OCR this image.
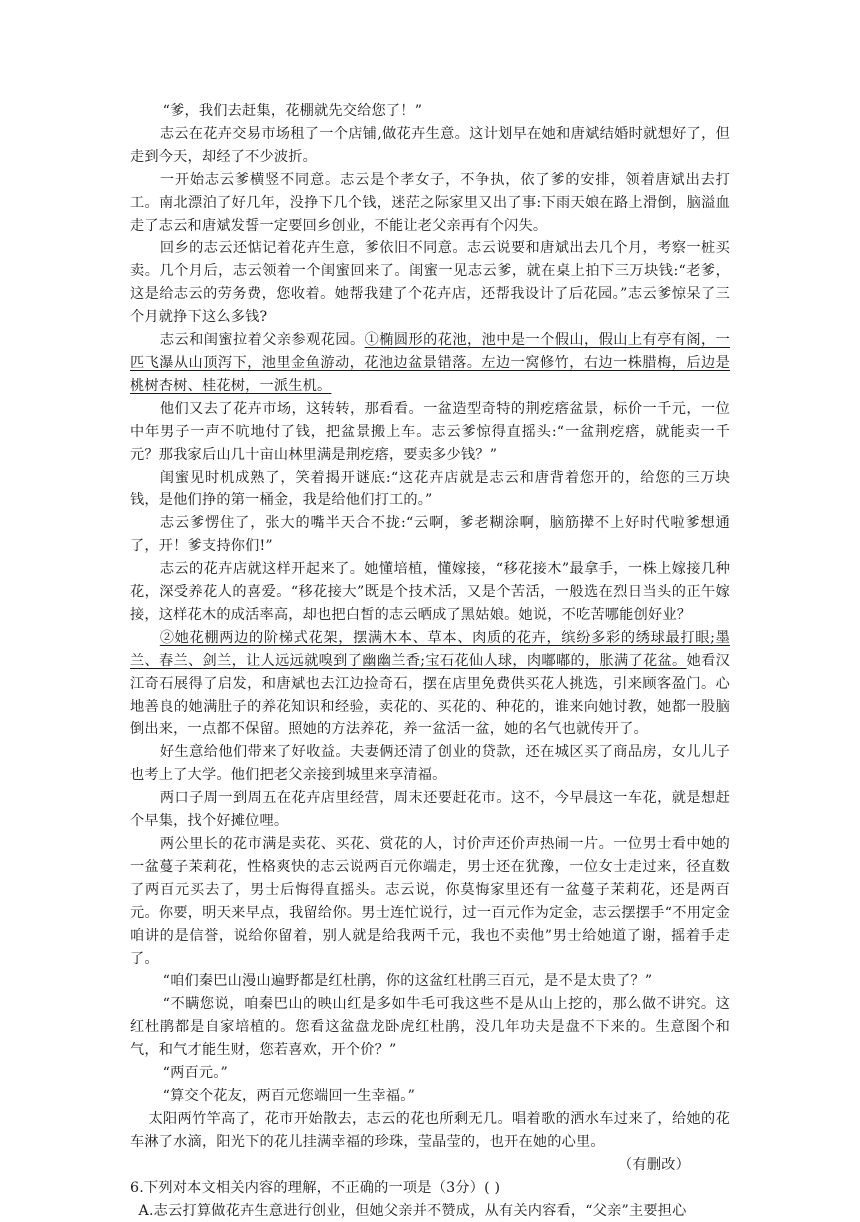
“爹，我们去赶集，花棚就先交给您了！”

志云在花卉交易市场租了一个店铺,做花卉生意。这计划早在她和唐斌结婚时就想好了，但走到今天，却经了不少波折。

一开始志云爹横竖不同意。志云是个孝女子，不争执，依了爹的安排，领着唐斌出去打工。南北漂泊了好几年，没挣下几个钱，迷茫之际家里又出了事:下雨天娘在路上滑倒，脑溢血走了志云和唐斌发誓一定要回乡创业，不能让老父亲再有个闪失。

回乡的志云还惦记着花卉生意，爹依旧不同意。志云说要和唐斌出去几个月，考察一桩买卖。几个月后，志云领着一个闺蜜回来了。闺蜜一见志云爹，就在桌上拍下三万块钱:“老爹，这是给志云的劳务费，您收着。她帮我建了个花卉店，还帮我设计了后花园。”志云爹惊呆了三个月就挣下这么多钱?

志云和闺蜜拉着父亲参观花园。①椭圆形的花池，池中是一个假山，假山上有亭有阁，一匹飞瀑从山顶泻下，池里金鱼游动，花池边盆景错落。左边一窝修竹，右边一株腊梅，后边是桃树杏树、桂花树，一派生机。

他们又去了花卉市场，这转转，那看看。一盆造型奇特的荆疙瘩盆景，标价一千元，一位中年男子一声不吭地付了钱，把盆景搬上车。志云爹惊得直摇头:“一盆荆疙瘩，就能卖一千元？那我家后山几十亩山林里满是荆疙瘩，要卖多少钱？”

闺蜜见时机成熟了，笑着揭开谜底:“这花卉店就是志云和唐背着您开的，给您的三万块钱，是他们挣的第一桶金，我是给他们打工的。”

志云爹愣住了，张大的嘴半天合不拢:“云啊，爹老糊涂啊，脑筋撵不上好时代啦爹想通了，开！爹支持你们!”

志云的花卉店就这样开起来了。她懂培植，懂嫁接，“移花接木”最拿手，一株上嫁接几种花，深受养花人的喜爱。“移花接大”既是个技术活，又是个苦活，一般选在烈日当头的正午嫁接，这样花木的成活率高，却也把白皙的志云晒成了黑姑娘。她说，不吃苦哪能创好业？

②她花棚两边的阶梯式花架，摆满木本、草本、肉质的花卉，缤纷多彩的绣球最打眼;墨兰、春兰、剑兰，让人远远就嗅到了幽幽兰香;宝石花仙人球，肉嘟嘟的，胀满了花盆。她看汉江奇石展得了启发，和唐斌也去江边捡奇石，摆在店里免费供买花人挑选，引来顾客盈门。心地善良的她满肚子的养花知识和经验，卖花的、买花的、种花的，谁来向她讨教，她都一股脑倒出来，一点都不保留。照她的方法养花，养一盆活一盆，她的名气也就传开了。

好生意给他们带来了好收益。夫妻俩还清了创业的贷款，还在城区买了商品房，女儿儿子也考上了大学。他们把老父亲接到城里来享清福。

两口子周一到周五在花卉店里经营，周末还要赶花市。这不，今早晨这一车花，就是想赶个早集，找个好摊位哩。

两公里长的花市满是卖花、买花、赏花的人，讨价声还价声热闹一片。一位男士看中她的一盆蔓子茉莉花，性格爽快的志云说两百元你端走，男士还在犹豫，一位女士走过来，径直数了两百元买去了，男士后悔得直摇头。志云说，你莫悔家里还有一盆蔓子茉莉花，还是两百元。你要，明天来早点，我留给你。男士连忙说行，过一百元作为定金，志云摆摆手“不用定金咱讲的是信誉，说给你留着，别人就是给我两千元，我也不卖他”男士给她道了谢，摇着手走了。

“咱们秦巴山漫山遍野都是红杜鹃，你的这盆红杜鹃三百元，是不是太贵了？”

“不瞒您说，咱秦巴山的映山红是多如牛毛可我这些不是从山上挖的，那么做不讲究。这红杜鹃都是自家培植的。您看这盆盘龙卧虎红杜鹃，没几年功夫是盘不下来的。生意图个和气，和气才能生财，您若喜欢，开个价？”

“两百元。”

“算交个花友，两百元您端回一生幸福。”

太阳两竹竿高了，花市开始散去，志云的花也所剩无几。唱着歌的洒水车过来了，给她的花车淋了水滴，阳光下的花儿挂满幸福的珍珠，莹晶莹的，也开在她的心里。

（有删改）

6.下列对本文相关内容的理解，不正确的一项是（3分）( )

A.志云打算做花卉生意进行创业，但她父亲并不赞成，从有关内容看，“父亲”主要担心
